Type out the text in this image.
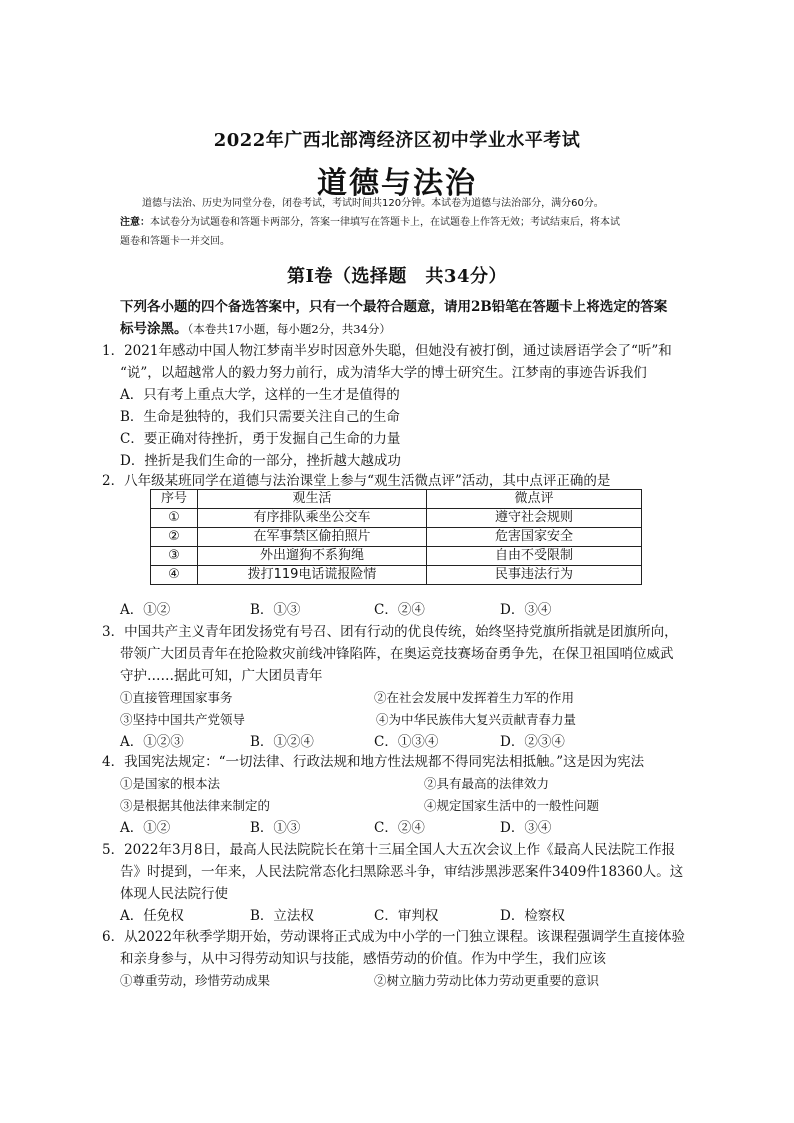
2022年广西北部湾经济区初中学业水平考试
道德与法治

道德与法治、历史为同堂分卷，闭卷考试，考试时间共120分钟。本试卷为道德与法治部分，满分60分。

注意：本试卷分为试题卷和答题卡两部分，答案一律填写在答题卡上，在试题卷上作答无效；考试结束后，将本试

题卷和答题卡一并交回。

第Ⅰ卷（选择题　共34分）
下列各小题的四个备选答案中，只有一个最符合题意，请用2B铅笔在答题卡上将选定的答案
标号涂黑。（本卷共17小题，每小题2分，共34分）
1．2021年感动中国人物江梦南半岁时因意外失聪，但她没有被打倒，通过读唇语学会了“听”和
“说”，以超越常人的毅力努力前行，成为清华大学的博士研究生。江梦南的事迹告诉我们
A．只有考上重点大学，这样的一生才是值得的
B．生命是独特的，我们只需要关注自己的生命
C．要正确对待挫折，勇于发掘自己生命的力量
D．挫折是我们生命的一部分，挫折越大越成功
2．八年级某班同学在道德与法治课堂上参与“观生活微点评”活动，其中点评正确的是
序号	观生活	微点评
①	有序排队乘坐公交车	遵守社会规则
②	在军事禁区偷拍照片	危害国家安全
③	外出遛狗不系狗绳	自由不受限制
④	拨打119电话谎报险情	民事违法行为
A．①②	B．①③	C．②④	D．③④
3．中国共产主义青年团发扬党有号召、团有行动的优良传统，始终坚持党旗所指就是团旗所向，
带领广大团员青年在抢险救灾前线冲锋陷阵，在奥运竞技赛场奋勇争先，在保卫祖国哨位威武
守护……据此可知，广大团员青年
①直接管理国家事务	②在社会发展中发挥着生力军的作用
③坚持中国共产党领导	④为中华民族伟大复兴贡献青春力量
A．①②③	B．①②④	C．①③④	D．②③④
4．我国宪法规定：“一切法律、行政法规和地方性法规都不得同宪法相抵触。”这是因为宪法
①是国家的根本法	②具有最高的法律效力
③是根据其他法律来制定的	④规定国家生活中的一般性问题
A．①②	B．①③	C．②④	D．③④
5．2022年3月8日，最高人民法院院长在第十三届全国人大五次会议上作《最高人民法院工作报
告》时提到，一年来，人民法院常态化扫黑除恶斗争，审结涉黑涉恶案件3409件18360人。这
体现人民法院行使
A．任免权	B．立法权	C．审判权	D．检察权
6．从2022年秋季学期开始，劳动课将正式成为中小学的一门独立课程。该课程强调学生直接体验
和亲身参与，从中习得劳动知识与技能，感悟劳动的价值。作为中学生，我们应该
①尊重劳动，珍惜劳动成果	②树立脑力劳动比体力劳动更重要的意识
